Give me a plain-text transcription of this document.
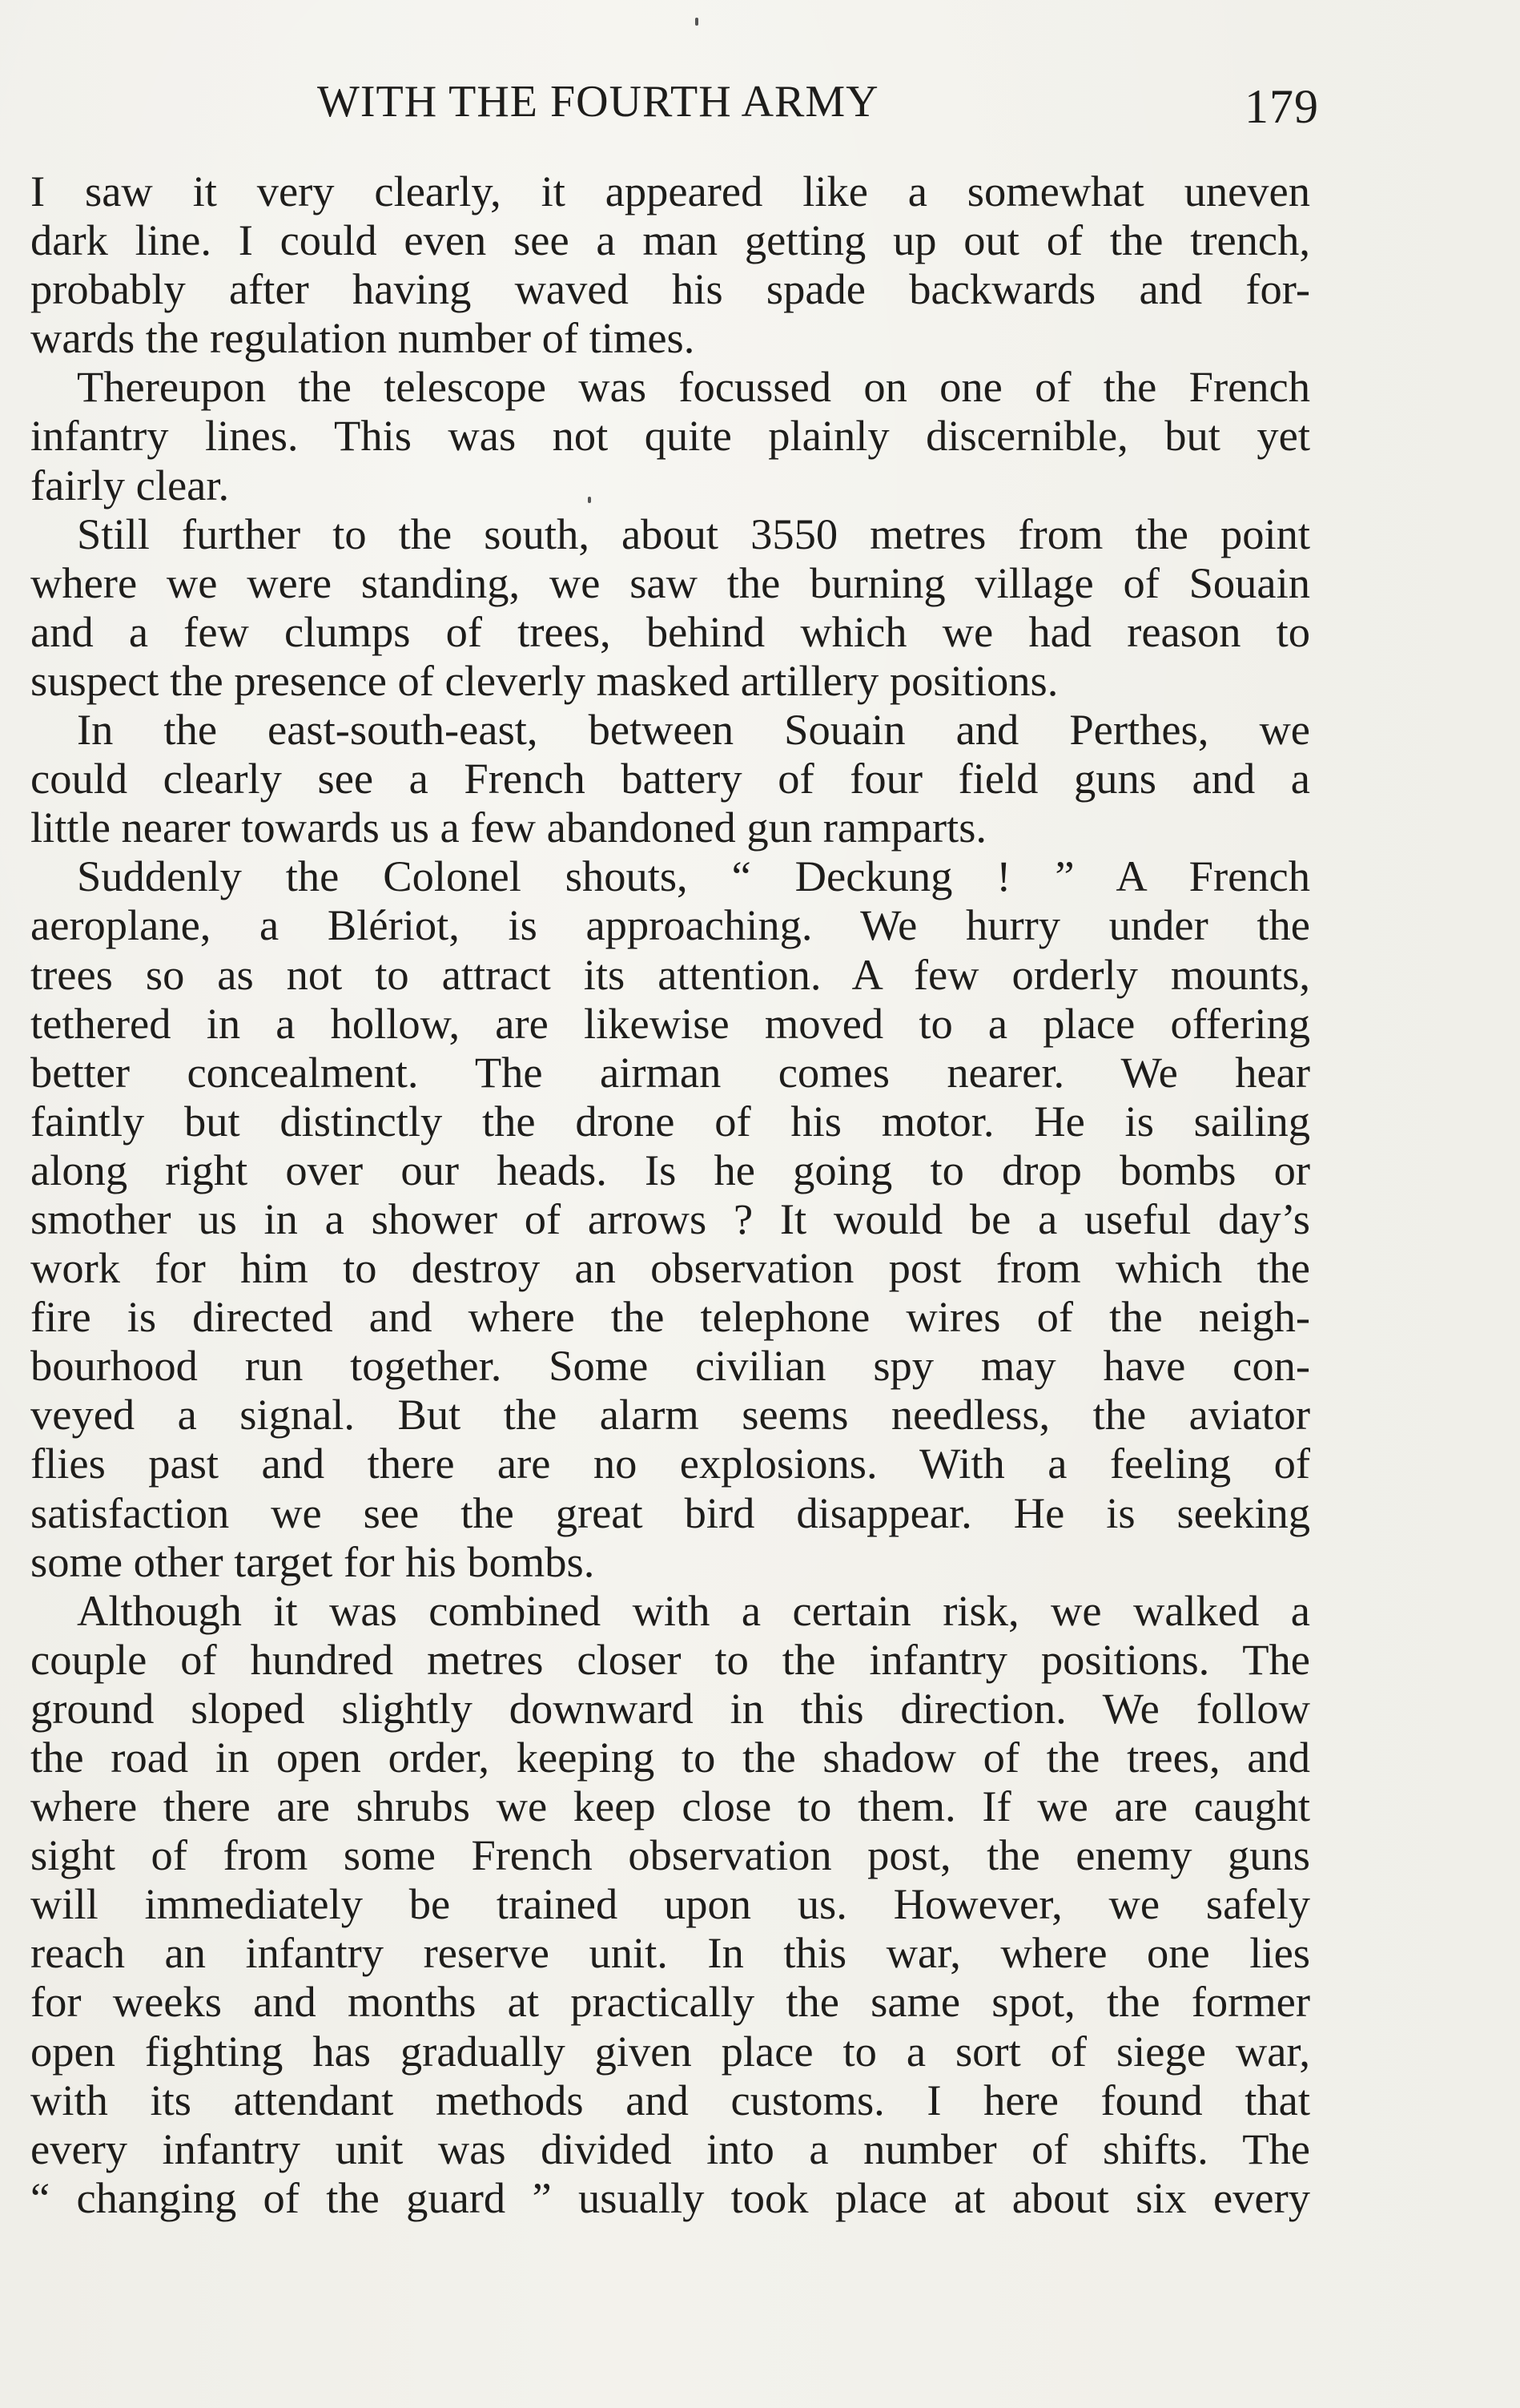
WITH THE FOURTH ARMY	179
I saw it very clearly, it appeared like a somewhat uneven
dark line. I could even see a man getting up out of the trench,
probably after having waved his spade backwards and for-
wards the regulation number of times.
Thereupon the telescope was focussed on one of the French
infantry lines. This was not quite plainly discernible, but yet
fairly clear.
Still further to the south, about 3550 metres from the point
where we were standing, we saw the burning village of Souain
and a few clumps of trees, behind which we had reason to
suspect the presence of cleverly masked artillery positions.
In the east-south-east, between Souain and Perthes, we
could clearly see a French battery of four field guns and a
little nearer towards us a few abandoned gun ramparts.
Suddenly the Colonel shouts, “ Deckung ! ” A French
aeroplane, a Blériot, is approaching. We hurry under the
trees so as not to attract its attention. A few orderly mounts,
tethered in a hollow, are likewise moved to a place offering
better concealment. The airman comes nearer. We hear
faintly but distinctly the drone of his motor. He is sailing
along right over our heads. Is he going to drop bombs or
smother us in a shower of arrows ? It would be a useful day’s
work for him to destroy an observation post from which the
fire is directed and where the telephone wires of the neigh-
bourhood run together. Some civilian spy may have con-
veyed a signal. But the alarm seems needless, the aviator
flies past and there are no explosions. With a feeling of
satisfaction we see the great bird disappear. He is seeking
some other target for his bombs.
Although it was combined with a certain risk, we walked a
couple of hundred metres closer to the infantry positions. The
ground sloped slightly downward in this direction. We follow
the road in open order, keeping to the shadow of the trees, and
where there are shrubs we keep close to them. If we are caught
sight of from some French observation post, the enemy guns
will immediately be trained upon us. However, we safely
reach an infantry reserve unit. In this war, where one lies
for weeks and months at practically the same spot, the former
open fighting has gradually given place to a sort of siege war,
with its attendant methods and customs. I here found that
every infantry unit was divided into a number of shifts. The
“ changing of the guard ” usually took place at about six every
